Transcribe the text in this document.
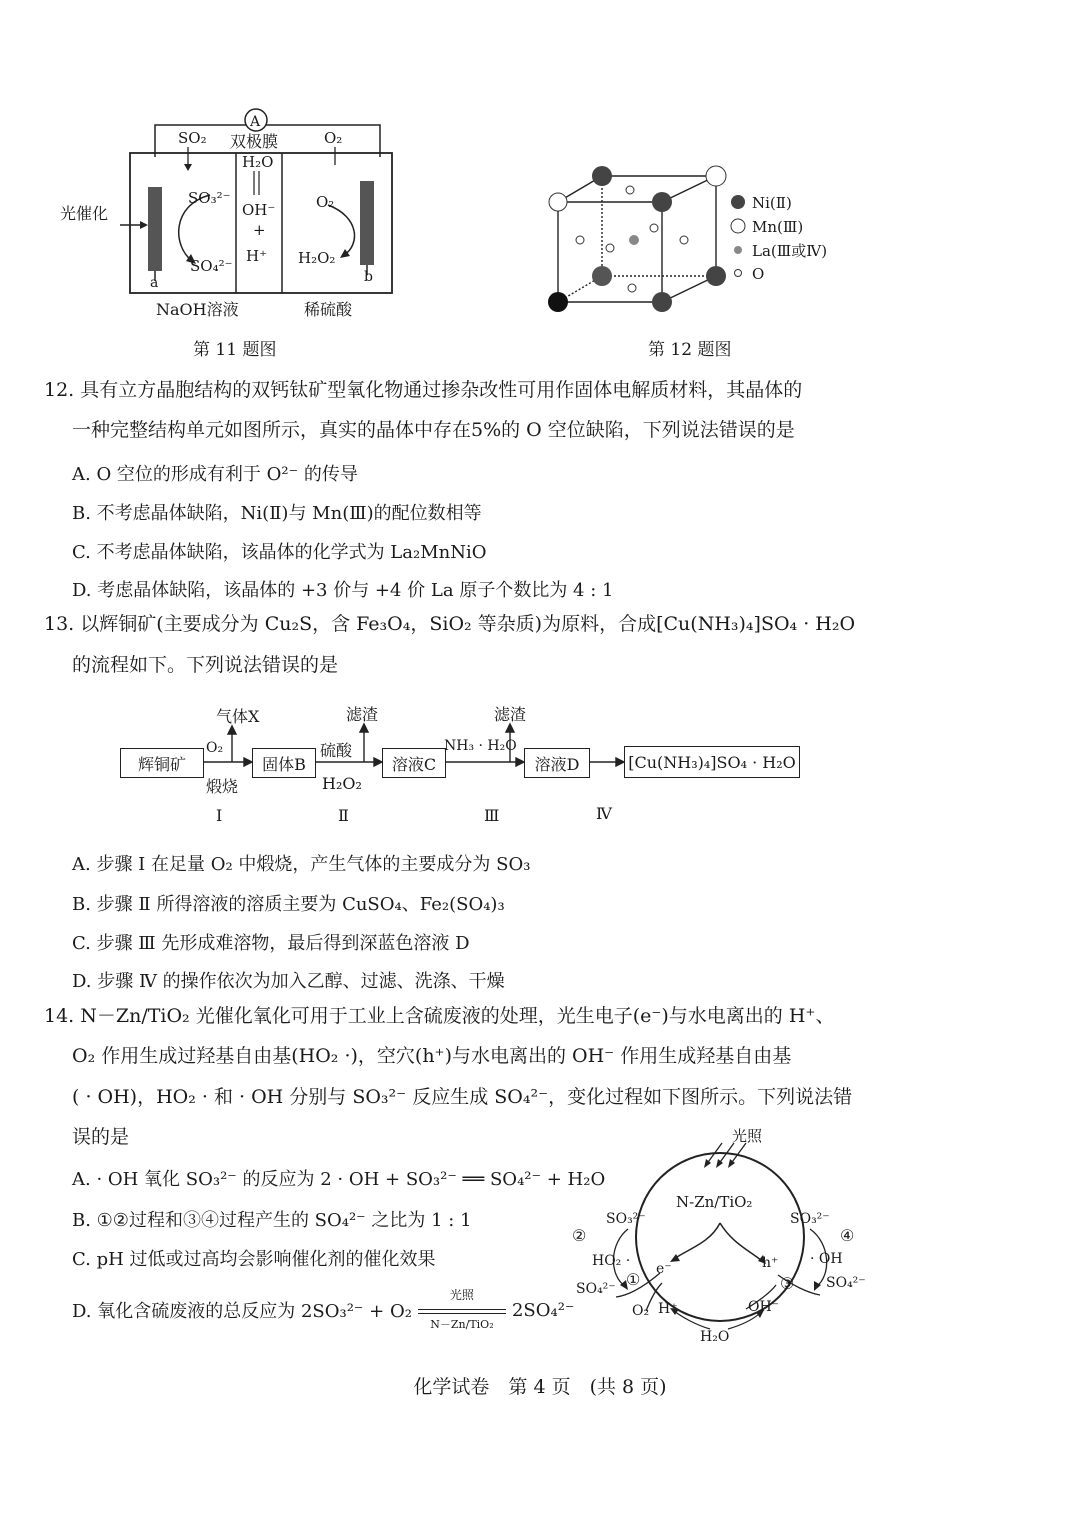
A
SO₂ 双极膜	O₂
光催化
SO₃²⁻
SO₄²⁻
H₂O
OH⁻
+
H⁺
O₂
H₂O₂
a	b
NaOH溶液	稀硫酸
第 11 题图
Ni(Ⅱ)
Mn(Ⅲ)
La(Ⅲ或Ⅳ)
O
第 12 题图
12. 具有立方晶胞结构的双钙钛矿型氧化物通过掺杂改性可用作固体电解质材料，其晶体的
一种完整结构单元如图所示，真实的晶体中存在5%的 O 空位缺陷，下列说法错误的是
A. O 空位的形成有利于 O²⁻ 的传导
B. 不考虑晶体缺陷，Ni(Ⅱ)与 Mn(Ⅲ)的配位数相等
C. 不考虑晶体缺陷，该晶体的化学式为 La₂MnNiO
D. 考虑晶体缺陷，该晶体的 +3 价与 +4 价 La 原子个数比为 4 : 1
13. 以辉铜矿(主要成分为 Cu₂S，含 Fe₃O₄，SiO₂ 等杂质)为原料，合成[Cu(NH₃)₄]SO₄ · H₂O
的流程如下。下列说法错误的是
辉铜矿	固体B	溶液C	溶液D	[Cu(NH₃)₄]SO₄ · H₂O
气体X	滤渣	滤渣
O₂
煅烧
硫酸
H₂O₂
NH₃ · H₂O
Ⅰ	Ⅱ	Ⅲ	Ⅳ
A. 步骤 Ⅰ 在足量 O₂ 中煅烧，产生气体的主要成分为 SO₃
B. 步骤 Ⅱ 所得溶液的溶质主要为 CuSO₄、Fe₂(SO₄)₃
C. 步骤 Ⅲ 先形成难溶物，最后得到深蓝色溶液 D
D. 步骤 Ⅳ 的操作依次为加入乙醇、过滤、洗涤、干燥
14. N－Zn/TiO₂ 光催化氧化可用于工业上含硫废液的处理，光生电子(e⁻)与水电离出的 H⁺、
O₂ 作用生成过羟基自由基(HO₂ ·)，空穴(h⁺)与水电离出的 OH⁻ 作用生成羟基自由基
( · OH)，HO₂ · 和 · OH 分别与 SO₃²⁻ 反应生成 SO₄²⁻，变化过程如下图所示。下列说法错
误的是
A. · OH 氧化 SO₃²⁻ 的反应为 2 · OH + SO₃²⁻ ══ SO₄²⁻ + H₂O
B. ①②过程和③④过程产生的 SO₄²⁻ 之比为 1 : 1
C. pH 过低或过高均会影响催化剂的催化效果
D. 氧化含硫废液的总反应为 2SO₃²⁻ + O₂
光照
N－Zn/TiO₂
2SO₄²⁻
光照
N-Zn/TiO₂
e⁻	h⁺
SO₃²⁻	SO₃²⁻
HO₂ ·	· OH
SO₄²⁻	SO₄²⁻
O₂ H⁺	OH⁻
H₂O
①
②
③
④
化学试卷　第 4 页　(共 8 页)
